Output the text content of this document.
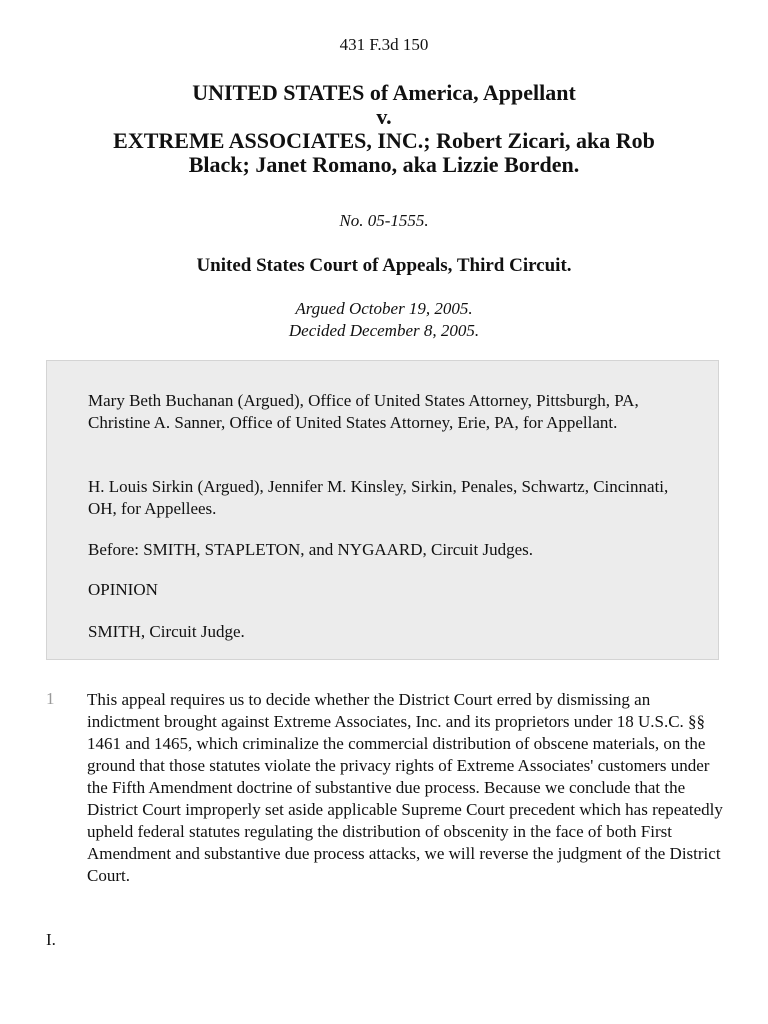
431 F.3d 150
UNITED STATES of America, Appellant
v.
EXTREME ASSOCIATES, INC.; Robert Zicari, aka Rob
Black; Janet Romano, aka Lizzie Borden.
No. 05-1555.
United States Court of Appeals, Third Circuit.
Argued October 19, 2005.
Decided December 8, 2005.

Mary Beth Buchanan (Argued), Office of United States Attorney, Pittsburgh, PA, Christine A. Sanner, Office of United States Attorney, Erie, PA, for Appellant.

H. Louis Sirkin (Argued), Jennifer M. Kinsley, Sirkin, Penales, Schwartz, Cincinnati, OH, for Appellees.

Before: SMITH, STAPLETON, and NYGAARD, Circuit Judges.

OPINION

SMITH, Circuit Judge.

1 This appeal requires us to decide whether the District Court erred by dismissing an indictment brought against Extreme Associates, Inc. and its proprietors under 18 U.S.C. §§ 1461 and 1465, which criminalize the commercial distribution of obscene materials, on the ground that those statutes violate the privacy rights of Extreme Associates' customers under the Fifth Amendment doctrine of substantive due process. Because we conclude that the District Court improperly set aside applicable Supreme Court precedent which has repeatedly upheld federal statutes regulating the distribution of obscenity in the face of both First Amendment and substantive due process attacks, we will reverse the judgment of the District Court.

I.
